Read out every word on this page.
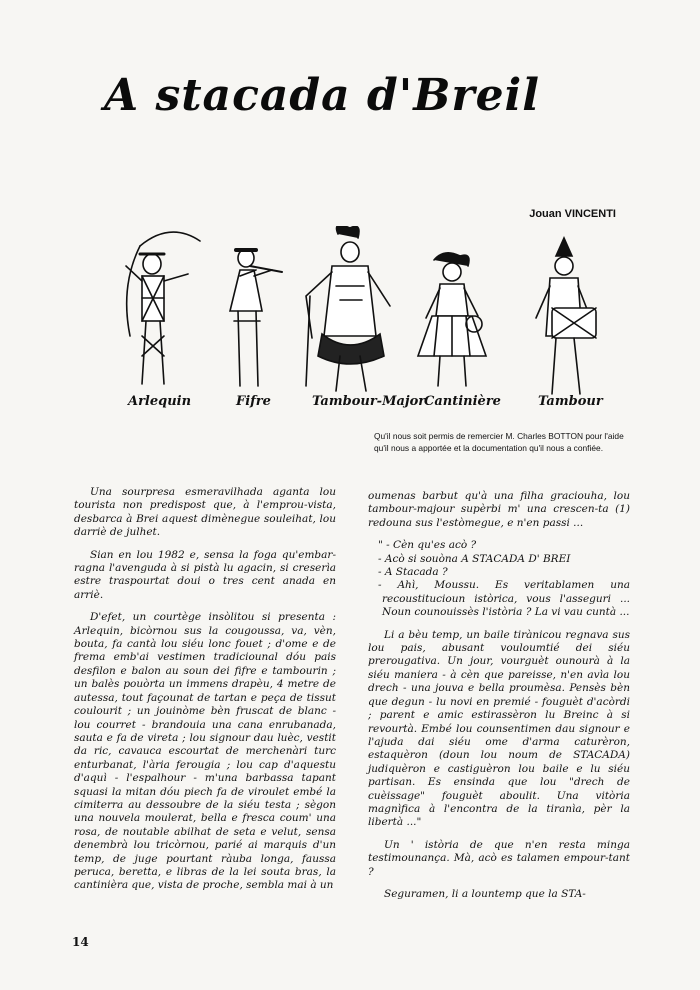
A stacada d'Breil
Jouan VINCENTI
Arlequin	Fifre	Tambour-Major
Cantinière	Tambour
Qu'il nous soit permis de remercier M. Charles BOTTON pour l'aide qu'il nous a apportée et la documentation qu'il nous a confiée.

Una sourpresa esmeravilhada aganta lou tourista non predispost que, à l'emprou-vista, desbarca à Brei aquest dimènegue souleihat, lou darriè de julhet.

Sian en lou 1982 e, sensa la foga qu'embar-ragna l'avenguda à si pistà lu agacin, si creserìa estre traspourtat doui o tres cent anada en arriè.

D'efet, un courtège insòlitou si presenta : Arlequin, bicòrnou sus la cougoussa, va, vèn, bouta, fa cantà lou siéu lonc fouet ; d'ome e de frema emb'ai vestimen tradiciounal dóu pais desfilon e balon au soun dei fifre e tambourin ; un balès pouòrta un immens drapèu, 4 metre de autessa, tout façounat de tartan e peça de tissut coulourit ; un jouinòme bèn fruscat de blanc - lou courret - brandouia una cana enrubanada, sauta e fa de vireta ; lou signour dau luèc, vestit da ric, cavauca escourtat de merchenàri turc enturbanat, l'ària ferougia ; lou cap d'aquestu d'aquì - l'espalhour - m'una barbassa tapant squasi la mitan dóu piech fa de viroulet embé la cimiterra au dessoubre de la siéu testa ; sègon una nouvela moulerat, bella e fresca coum' una rosa, de noutable abilhat de seta e velut, sensa denembrà lou tricòrnou, parié ai marquis d'un temp, de juge pourtant ràuba longa, faussa peruca, beretta, e libras de la lei souta bras, la cantinièra que, vista de proche, sembla mai à un

oumenas barbut qu'à una filha graciouha, lou tambour-majour supèrbi m' una crescen-ta (1) redouna sus l'estòmegue, e n'en passi ...

" - Cèn qu'es acò ?
- Acò si souòna A STACADA D' BREI
- A Stacada ?
- Ahì, Moussu. Es veritablamen una recoustitucioun istòrica, vous l'asseguri ... Noun counouissès l'istòria ? La vi vau cuntà ...

Li a bèu temp, un baile tirànicou regnava sus lou pais, abusant vouloumtié dei siéu prerougativa. Un jour, vourguèt ounourà à la siéu maniera - à cèn que pareisse, n'en avìa lou drech - una jouva e bella proumèsa. Pensès bèn que degun - lu novi en premié - fouguèt d'acòrdi ; parent e amic estirassèron lu Breinc à si revourtà. Embé lou counsentimen dau signour e l'ajuda dai siéu ome d'arma caturèron, estaquèron (doun lou noum de STACADA) judiquèron e castiguèron lou baile e lu siéu partisan. Es ensinda que lou "drech de cuèissage" fouguèt aboulit. Una vitòria magnìfica à l'encontra de la tiranìa, pèr la libertà ..."

Un ' istòria de que n'en resta minga testimounança. Mà, acò es talamen empour-tant ?

Seguramen, li a lountemp que la STA-

14
